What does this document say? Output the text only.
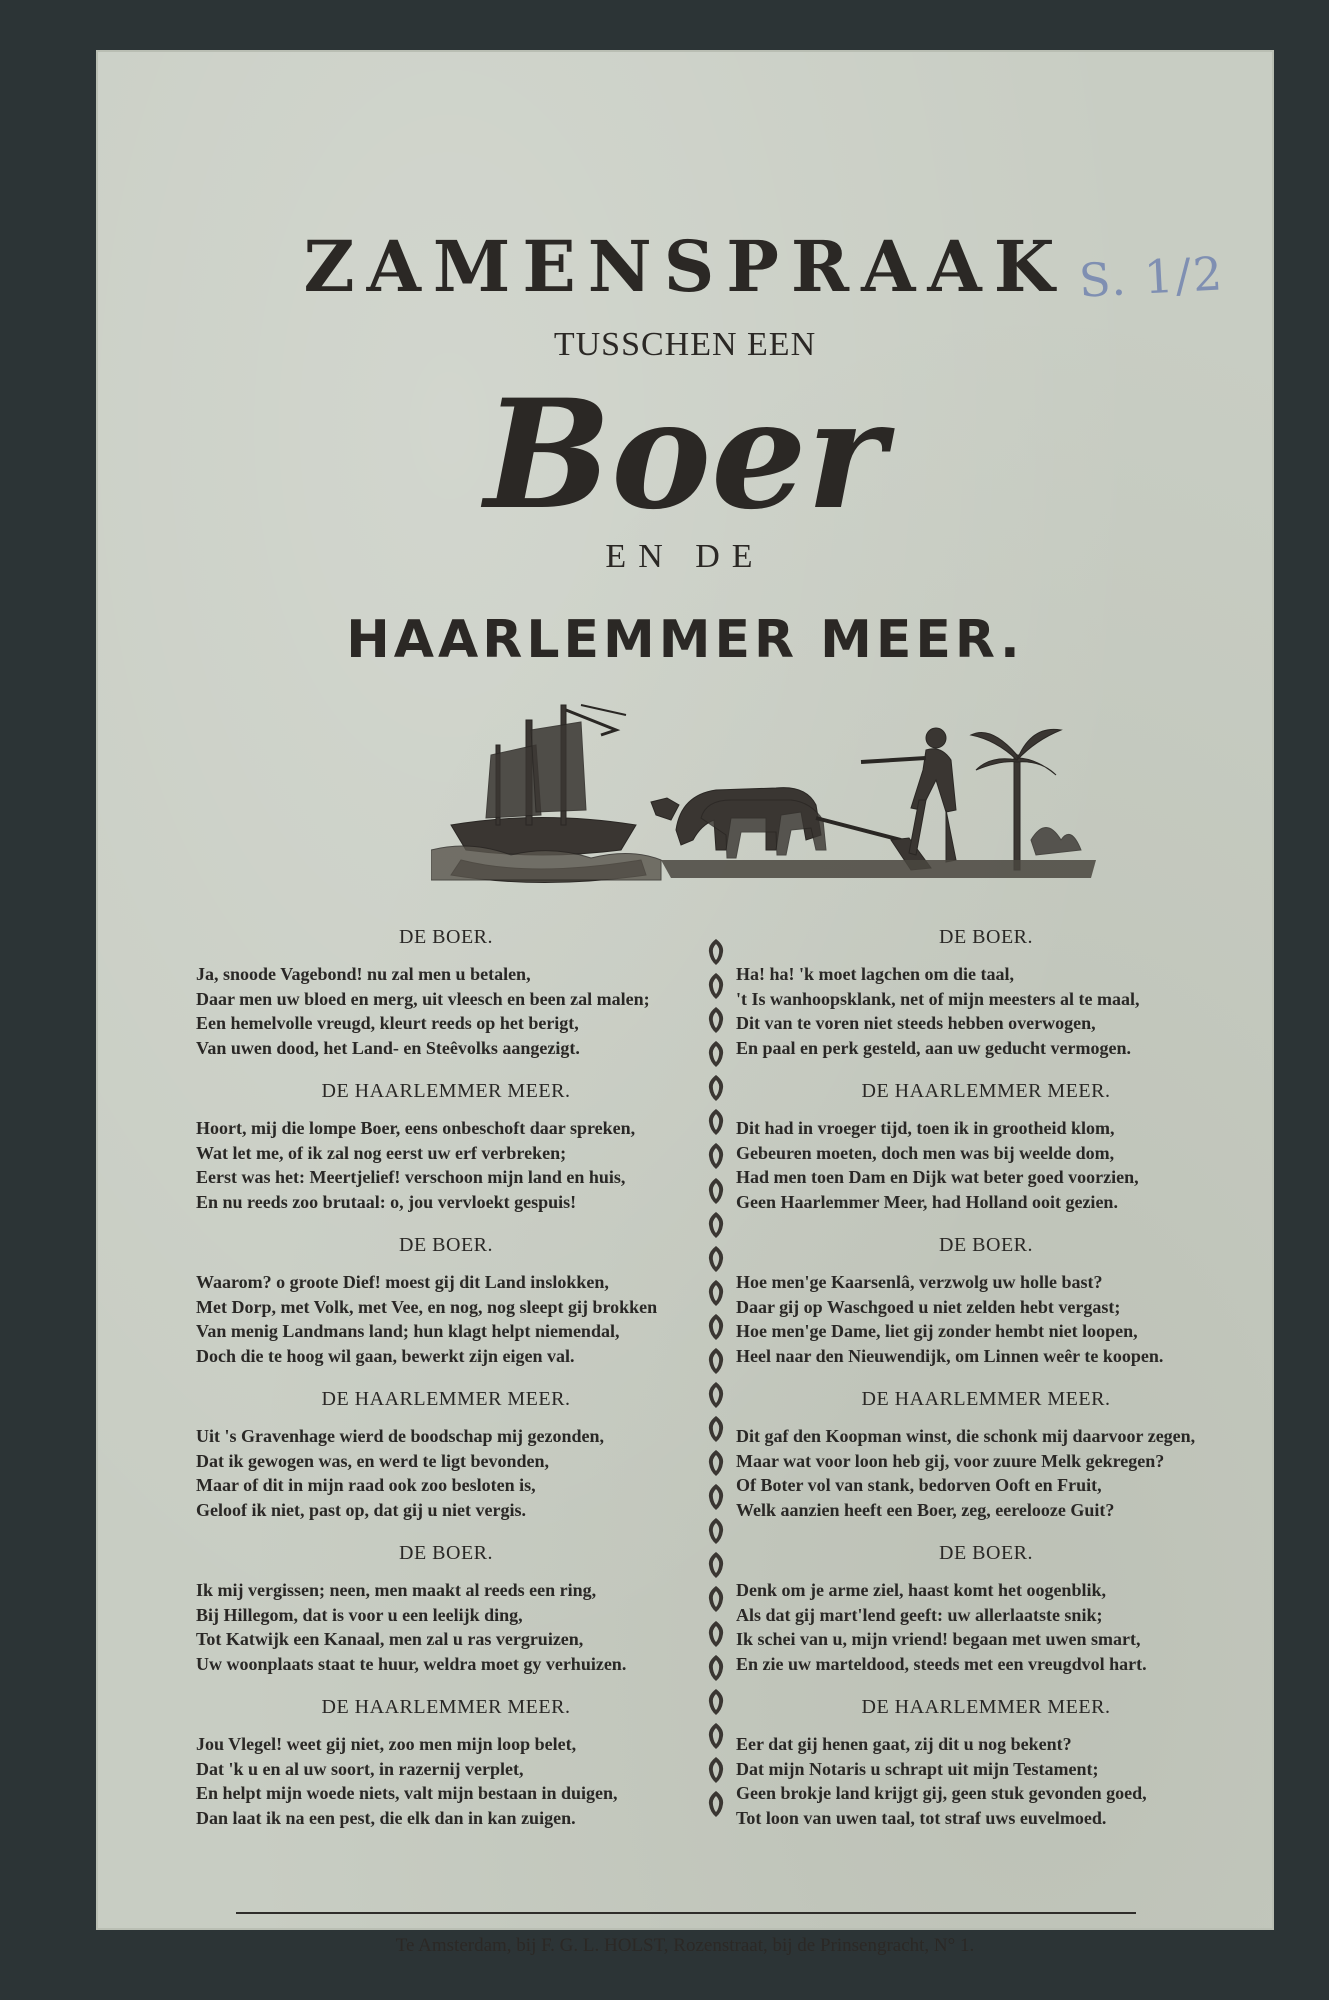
S. 1/2
ZAMENSPRAAK
TUSSCHEN EEN
Boer
EN DE
HAARLEMMER MEER.

DE BOER.

Ja, snoode Vagebond! nu zal men u betalen,

Daar men uw bloed en merg, uit vleesch en been zal malen;

Een hemelvolle vreugd, kleurt reeds op het berigt,

Van uwen dood, het Land- en Steêvolks aangezigt.

DE HAARLEMMER MEER.

Hoort, mij die lompe Boer, eens onbeschoft daar spreken,

Wat let me, of ik zal nog eerst uw erf verbreken;

Eerst was het: Meertjelief! verschoon mijn land en huis,

En nu reeds zoo brutaal: o, jou vervloekt gespuis!

DE BOER.

Waarom? o groote Dief! moest gij dit Land inslokken,

Met Dorp, met Volk, met Vee, en nog, nog sleept gij brokken

Van menig Landmans land; hun klagt helpt niemendal,

Doch die te hoog wil gaan, bewerkt zijn eigen val.

DE HAARLEMMER MEER.

Uit 's Gravenhage wierd de boodschap mij gezonden,

Dat ik gewogen was, en werd te ligt bevonden,

Maar of dit in mijn raad ook zoo besloten is,

Geloof ik niet, past op, dat gij u niet vergis.

DE BOER.

Ik mij vergissen; neen, men maakt al reeds een ring,

Bij Hillegom, dat is voor u een leelijk ding,

Tot Katwijk een Kanaal, men zal u ras vergruizen,

Uw woonplaats staat te huur, weldra moet gy verhuizen.

DE HAARLEMMER MEER.

Jou Vlegel! weet gij niet, zoo men mijn loop belet,

Dat 'k u en al uw soort, in razernij verplet,

En helpt mijn woede niets, valt mijn bestaan in duigen,

Dan laat ik na een pest, die elk dan in kan zuigen.

DE BOER.

Ha! ha! 'k moet lagchen om die taal,

't Is wanhoopsklank, net of mijn meesters al te maal,

Dit van te voren niet steeds hebben overwogen,

En paal en perk gesteld, aan uw geducht vermogen.

DE HAARLEMMER MEER.

Dit had in vroeger tijd, toen ik in grootheid klom,

Gebeuren moeten, doch men was bij weelde dom,

Had men toen Dam en Dijk wat beter goed voorzien,

Geen Haarlemmer Meer, had Holland ooit gezien.

DE BOER.

Hoe men'ge Kaarsenlâ, verzwolg uw holle bast?

Daar gij op Waschgoed u niet zelden hebt vergast;

Hoe men'ge Dame, liet gij zonder hembt niet loopen,

Heel naar den Nieuwendijk, om Linnen weêr te koopen.

DE HAARLEMMER MEER.

Dit gaf den Koopman winst, die schonk mij daarvoor zegen,

Maar wat voor loon heb gij, voor zuure Melk gekregen?

Of Boter vol van stank, bedorven Ooft en Fruit,

Welk aanzien heeft een Boer, zeg, eerelooze Guit?

DE BOER.

Denk om je arme ziel, haast komt het oogenblik,

Als dat gij mart'lend geeft: uw allerlaatste snik;

Ik schei van u, mijn vriend! begaan met uwen smart,

En zie uw marteldood, steeds met een vreugdvol hart.

DE HAARLEMMER MEER.

Eer dat gij henen gaat, zij dit u nog bekent?

Dat mijn Notaris u schrapt uit mijn Testament;

Geen brokje land krijgt gij, geen stuk gevonden goed,

Tot loon van uwen taal, tot straf uws euvelmoed.

Te Amsterdam, bij F. G. L. HOLST, Rozenstraat, bij de Prinsengracht, N° 1.
